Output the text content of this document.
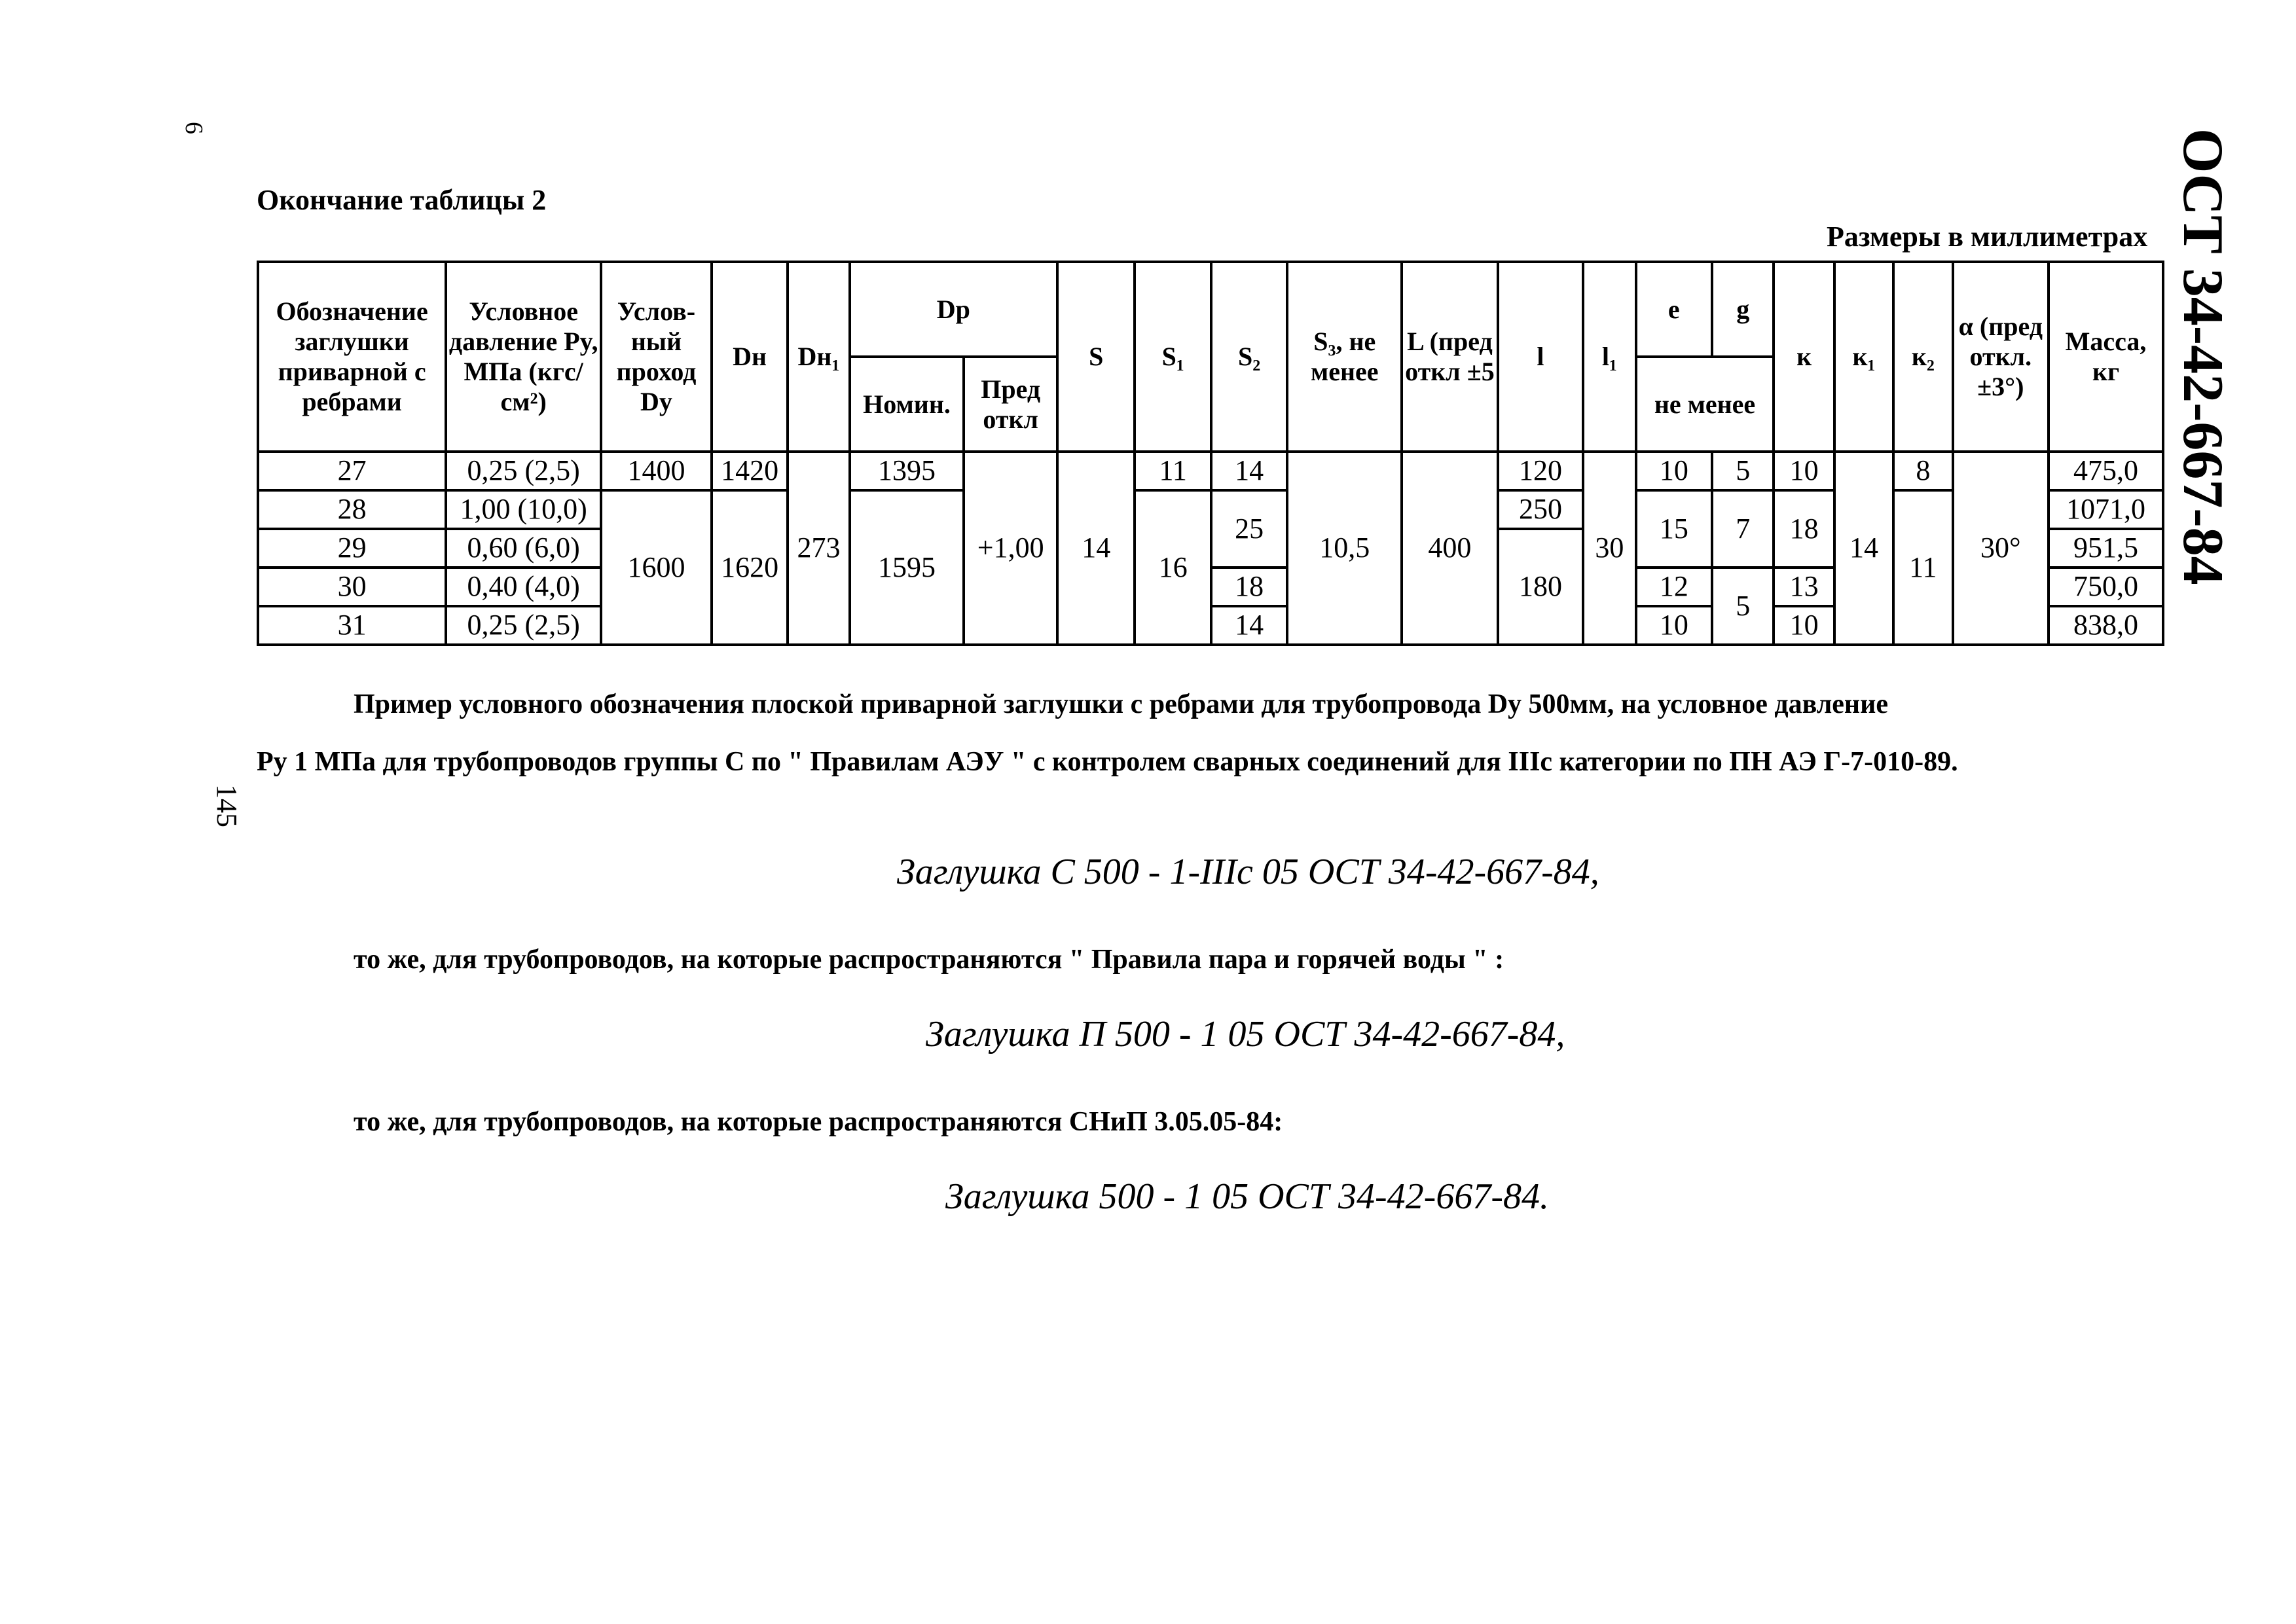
6
145
ОСТ 34-42-667-84
Окончание таблицы 2
Размеры в миллиметрах
Обозначение заглушки приварной с ребрами	Условное давление Py, МПа (кгс/см²)	Услов-ный проход Dy	Dн	Dн₁	Dp		S	S₁	S₂	S₃, не менее	L (пред откл ±5	l	l₁	e	g	к	к₁	к₂	α (пред откл. ±3°)	Масса, кг
					Номин.	Пред откл								не менее						
27	0,25 (2,5)	1400	1420	273	1395	+1,00	14	11	14	10,5	400	120	30	10	5	10	14	8	30°	475,0
28	1,00 (10,0)	1600	1620		1595			16	25			250		15	7	18		11		1071,0
29	0,60 (6,0)											180								951,5
30	0,40 (4,0)								18					12	5	13				750,0
31	0,25 (2,5)								14					10		10				838,0
Пример условного обозначения плоской приварной заглушки с ребрами для трубопровода Dy 500мм, на условное давление
Py 1 МПа для трубопроводов группы С по " Правилам АЭУ " с контролем сварных соединений для IIIс категории по ПН АЭ Г-7-010-89.
Заглушка С 500 - 1-IIIс 05 ОСТ 34-42-667-84,
то же, для трубопроводов, на которые распространяются " Правила пара и горячей воды " :
Заглушка П 500 - 1 05 ОСТ 34-42-667-84,
то же, для трубопроводов, на которые распространяются СНиП 3.05.05-84:
Заглушка 500 - 1 05 ОСТ 34-42-667-84.
